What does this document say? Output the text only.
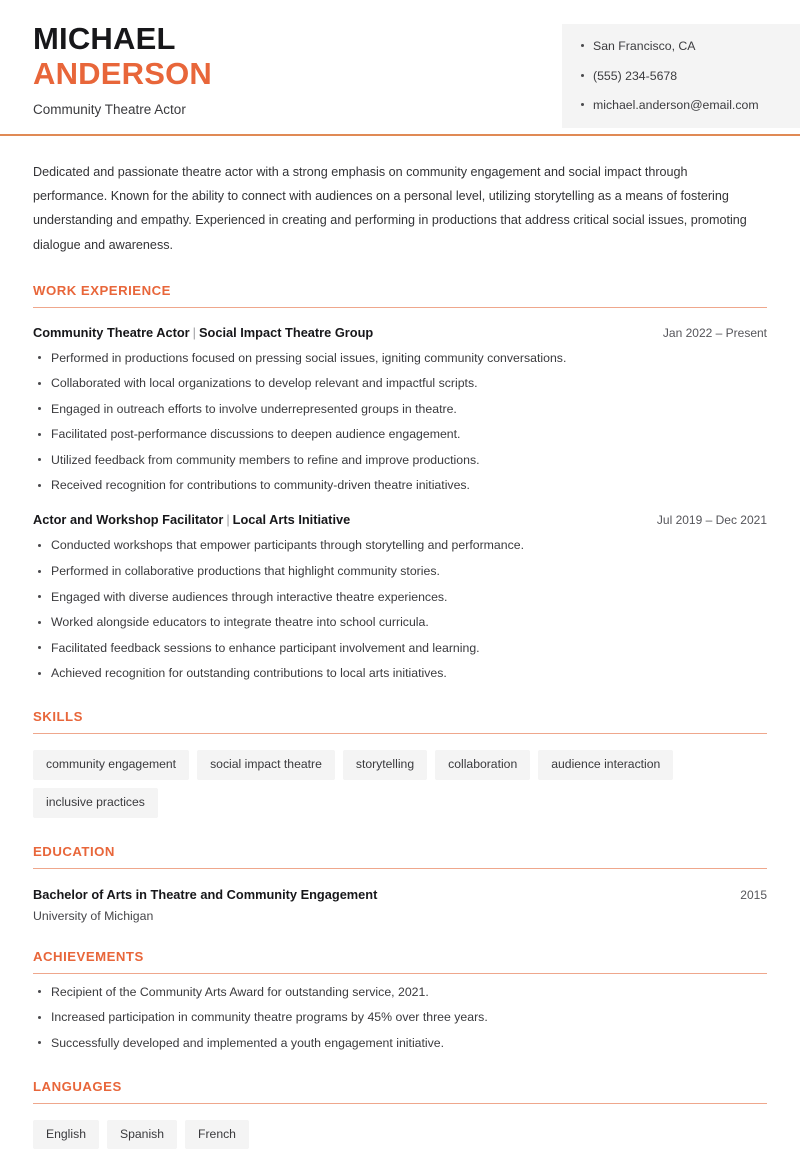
MICHAEL
ANDERSON
Community Theatre Actor
San Francisco, CA
(555) 234-5678
michael.anderson@email.com

Dedicated and passionate theatre actor with a strong emphasis on community engagement and social impact through performance. Known for the ability to connect with audiences on a personal level, utilizing storytelling as a means of fostering understanding and empathy. Experienced in creating and performing in productions that address critical social issues, promoting dialogue and awareness.

WORK EXPERIENCE
Community Theatre Actor | Social Impact Theatre Group	Jan 2022 – Present
Performed in productions focused on pressing social issues, igniting community conversations.
Collaborated with local organizations to develop relevant and impactful scripts.
Engaged in outreach efforts to involve underrepresented groups in theatre.
Facilitated post-performance discussions to deepen audience engagement.
Utilized feedback from community members to refine and improve productions.
Received recognition for contributions to community-driven theatre initiatives.
Actor and Workshop Facilitator | Local Arts Initiative	Jul 2019 – Dec 2021
Conducted workshops that empower participants through storytelling and performance.
Performed in collaborative productions that highlight community stories.
Engaged with diverse audiences through interactive theatre experiences.
Worked alongside educators to integrate theatre into school curricula.
Facilitated feedback sessions to enhance participant involvement and learning.
Achieved recognition for outstanding contributions to local arts initiatives.
SKILLS
community engagement	social impact theatre	storytelling	collaboration	audience interaction
inclusive practices
EDUCATION
Bachelor of Arts in Theatre and Community Engagement	2015
University of Michigan
ACHIEVEMENTS
Recipient of the Community Arts Award for outstanding service, 2021.
Increased participation in community theatre programs by 45% over three years.
Successfully developed and implemented a youth engagement initiative.
LANGUAGES
English	Spanish	French
